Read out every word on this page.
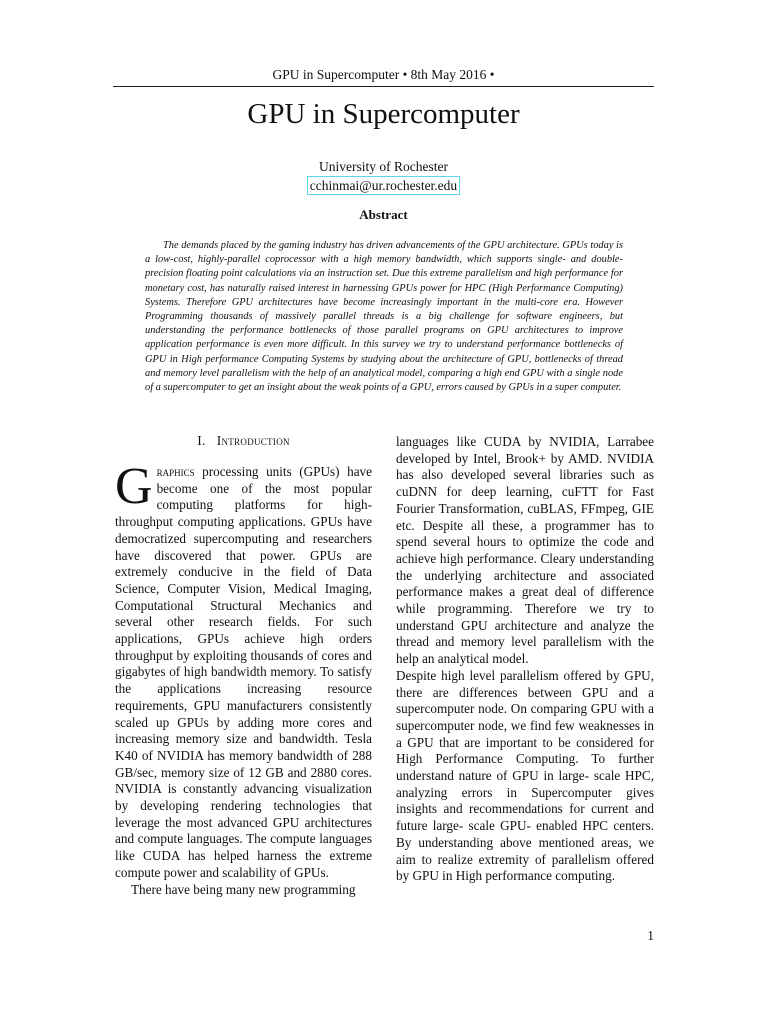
GPU in Supercomputer • 8th May 2016 •
GPU in Supercomputer
University of Rochester
cchinmai@ur.rochester.edu
Abstract

The demands placed by the gaming industry has driven advancements of the GPU architecture. GPUs today is a low-cost, highly-parallel coprocessor with a high memory bandwidth, which supports single- and double-precision floating point calculations via an instruction set. Due this extreme parallelism and high performance for monetary cost, has naturally raised interest in harnessing GPUs power for HPC (High Performance Computing) Systems. Therefore GPU architectures have become increasingly important in the multi-core era. However Programming thousands of massively parallel threads is a big challenge for software engineers, but understanding the performance bottlenecks of those parallel programs on GPU architectures to improve application performance is even more difficult. In this survey we try to understand performance bottlenecks of GPU in High performance Computing Systems by studying about the architecture of GPU, bottlenecks of thread and memory level parallelism with the help of an analytical model, comparing a high end GPU with a single node of a supercomputer to get an insight about the weak points of a GPU, errors caused by GPUs in a super computer.

I. Introduction

Graphics processing units (GPUs) have become one of the most popular computing platforms for high-throughput computing applications. GPUs have democratized supercomputing and researchers have discovered that power. GPUs are extremely conducive in the field of Data Science, Computer Vision, Medical Imaging, Computational Structural Mechanics and several other research fields. For such applications, GPUs achieve high orders throughput by exploiting thousands of cores and gigabytes of high bandwidth memory. To satisfy the applications increasing resource requirements, GPU manufacturers consistently scaled up GPUs by adding more cores and increasing memory size and bandwidth. Tesla K40 of NVIDIA has memory bandwidth of 288 GB/sec, memory size of 12 GB and 2880 cores. NVIDIA is constantly advancing visualization by developing rendering technologies that leverage the most advanced GPU architectures and compute languages. The compute languages like CUDA has helped harness the extreme compute power and scalability of GPUs.

There have being many new programming

languages like CUDA by NVIDIA, Larrabee developed by Intel, Brook+ by AMD. NVIDIA has also developed several libraries such as cuDNN for deep learning, cuFTT for Fast Fourier Transformation, cuBLAS, FFmpeg, GIE etc. Despite all these, a programmer has to spend several hours to optimize the code and achieve high performance. Cleary understanding the underlying architecture and associated performance makes a great deal of difference while programming. Therefore we try to understand GPU architecture and analyze the thread and memory level parallelism with the help an analytical model.

Despite high level parallelism offered by GPU, there are differences between GPU and a supercomputer node. On comparing GPU with a supercomputer node, we find few weaknesses in a GPU that are important to be considered for High Performance Computing. To further understand nature of GPU in large- scale HPC, analyzing errors in Supercomputer gives insights and recommendations for current and future large- scale GPU- enabled HPC centers. By understanding above mentioned areas, we aim to realize extremity of parallelism offered by GPU in High performance computing.

1
